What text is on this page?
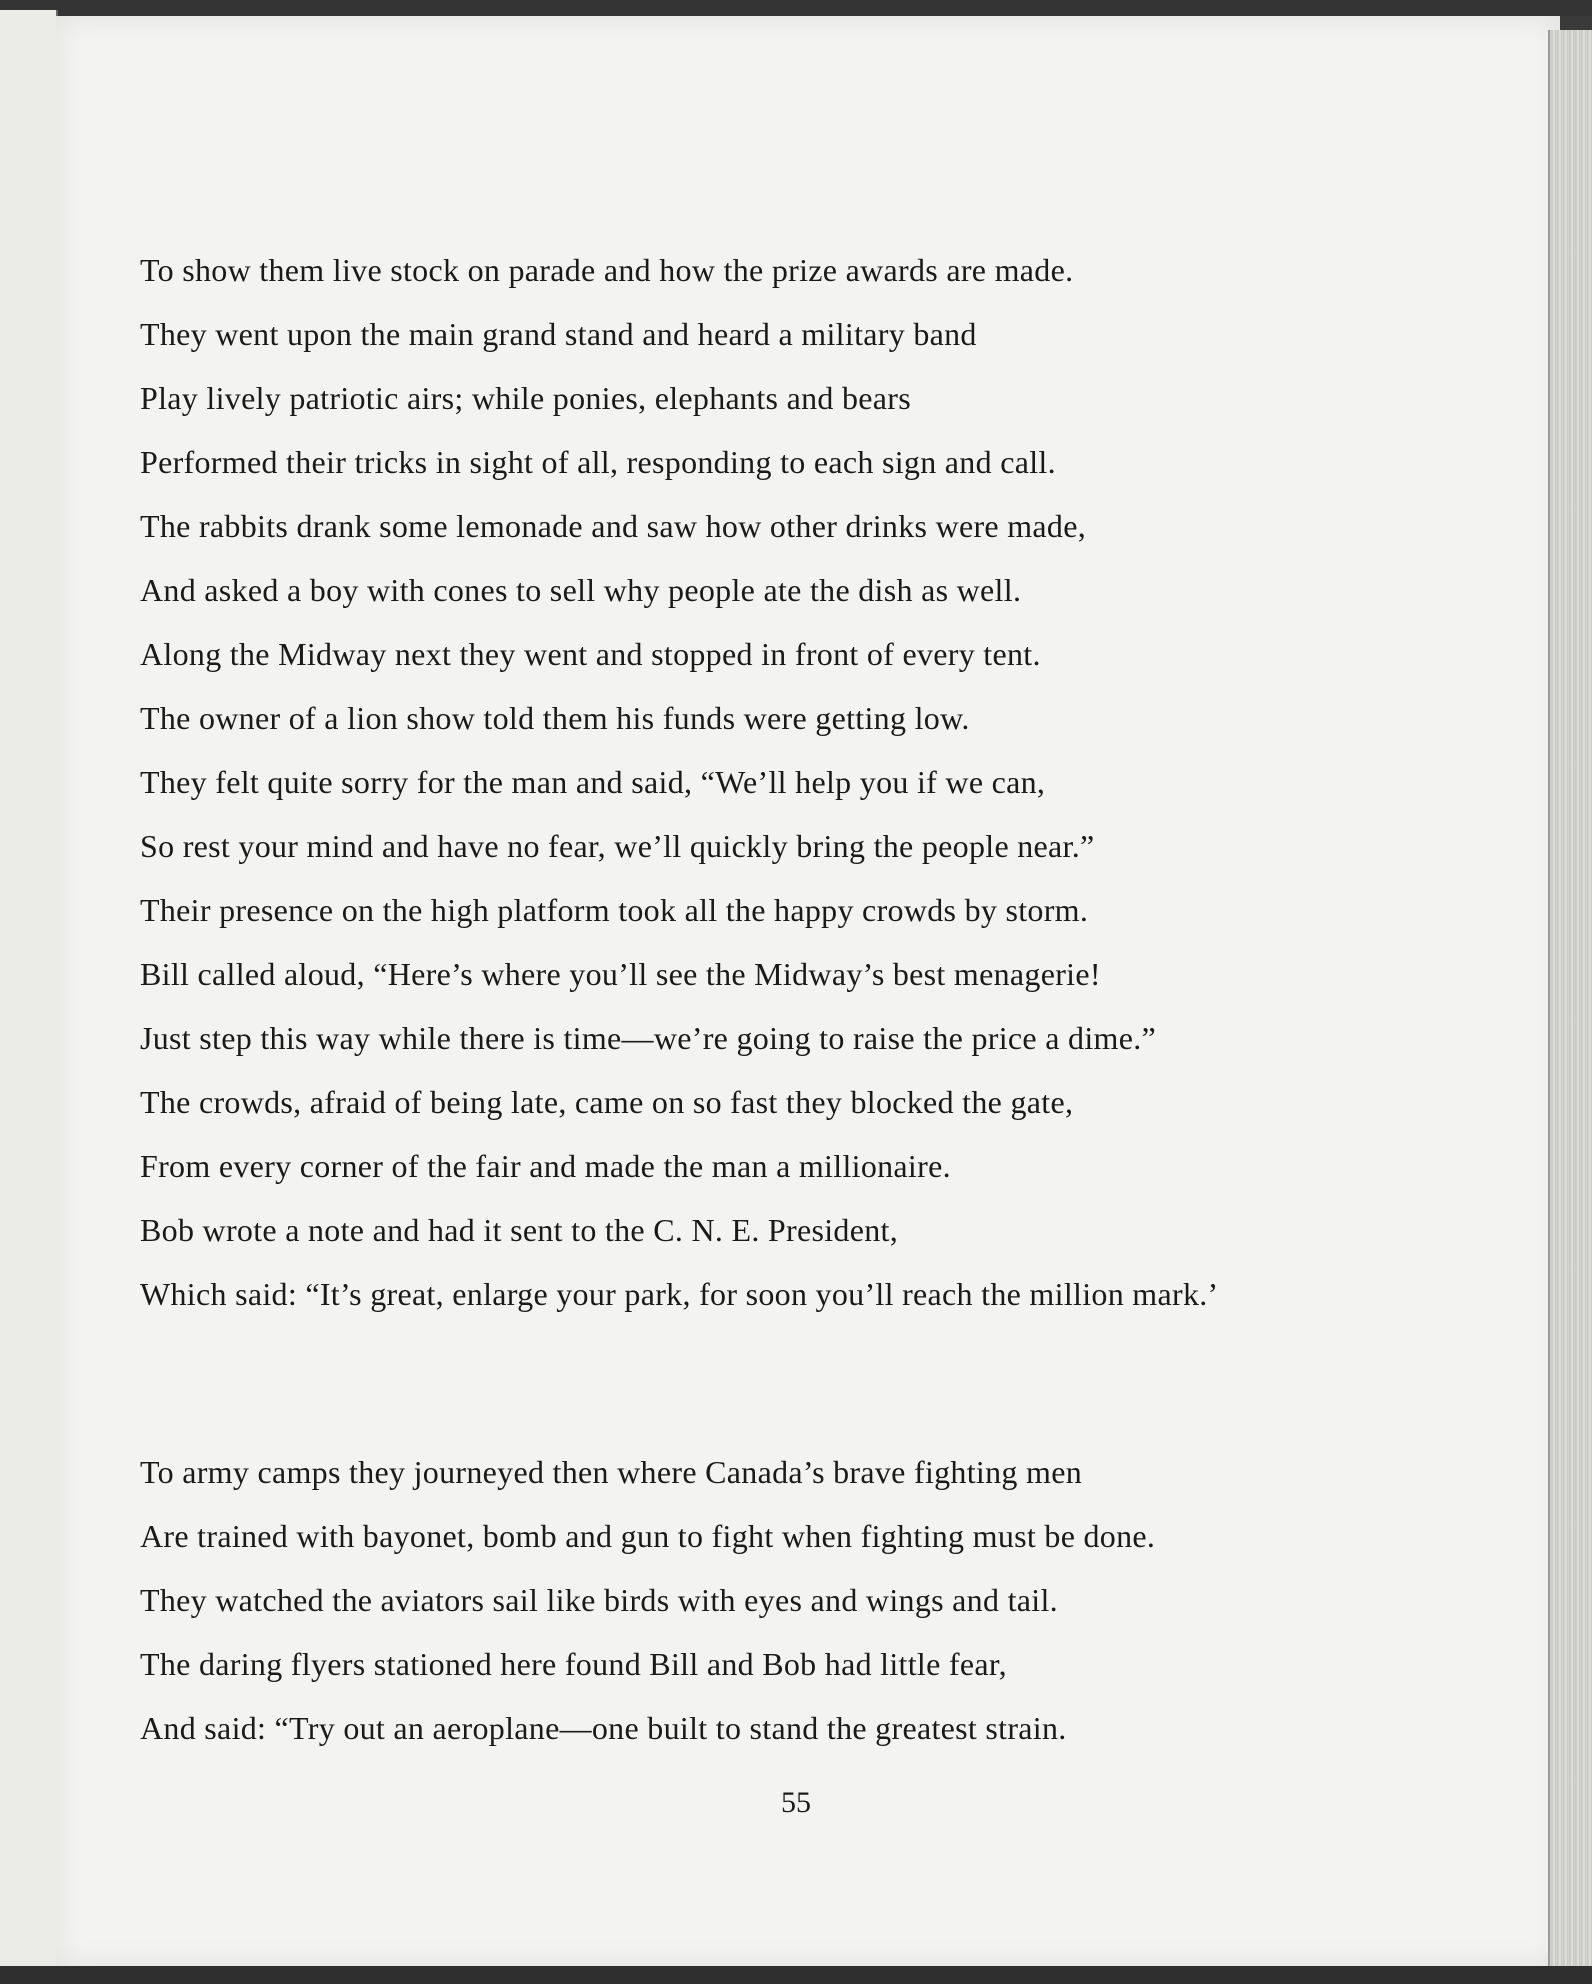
To show them live stock on parade and how the prize awards are made.
They went upon the main grand stand and heard a military band
Play lively patriotic airs; while ponies, elephants and bears
Performed their tricks in sight of all, responding to each sign and call.
The rabbits drank some lemonade and saw how other drinks were made,
And asked a boy with cones to sell why people ate the dish as well.
Along the Midway next they went and stopped in front of every tent.
The owner of a lion show told them his funds were getting low.
They felt quite sorry for the man and said, “We’ll help you if we can,
So rest your mind and have no fear, we’ll quickly bring the people near.”
Their presence on the high platform took all the happy crowds by storm.
Bill called aloud, “Here’s where you’ll see the Midway’s best menagerie!
Just step this way while there is time—we’re going to raise the price a dime.”
The crowds, afraid of being late, came on so fast they blocked the gate,
From every corner of the fair and made the man a millionaire.
Bob wrote a note and had it sent to the C. N. E. President,
Which said: “It’s great, enlarge your park, for soon you’ll reach the million mark.’
To army camps they journeyed then where Canada’s brave fighting men
Are trained with bayonet, bomb and gun to fight when fighting must be done.
They watched the aviators sail like birds with eyes and wings and tail.
The daring flyers stationed here found Bill and Bob had little fear,
And said: “Try out an aeroplane—one built to stand the greatest strain.
55
